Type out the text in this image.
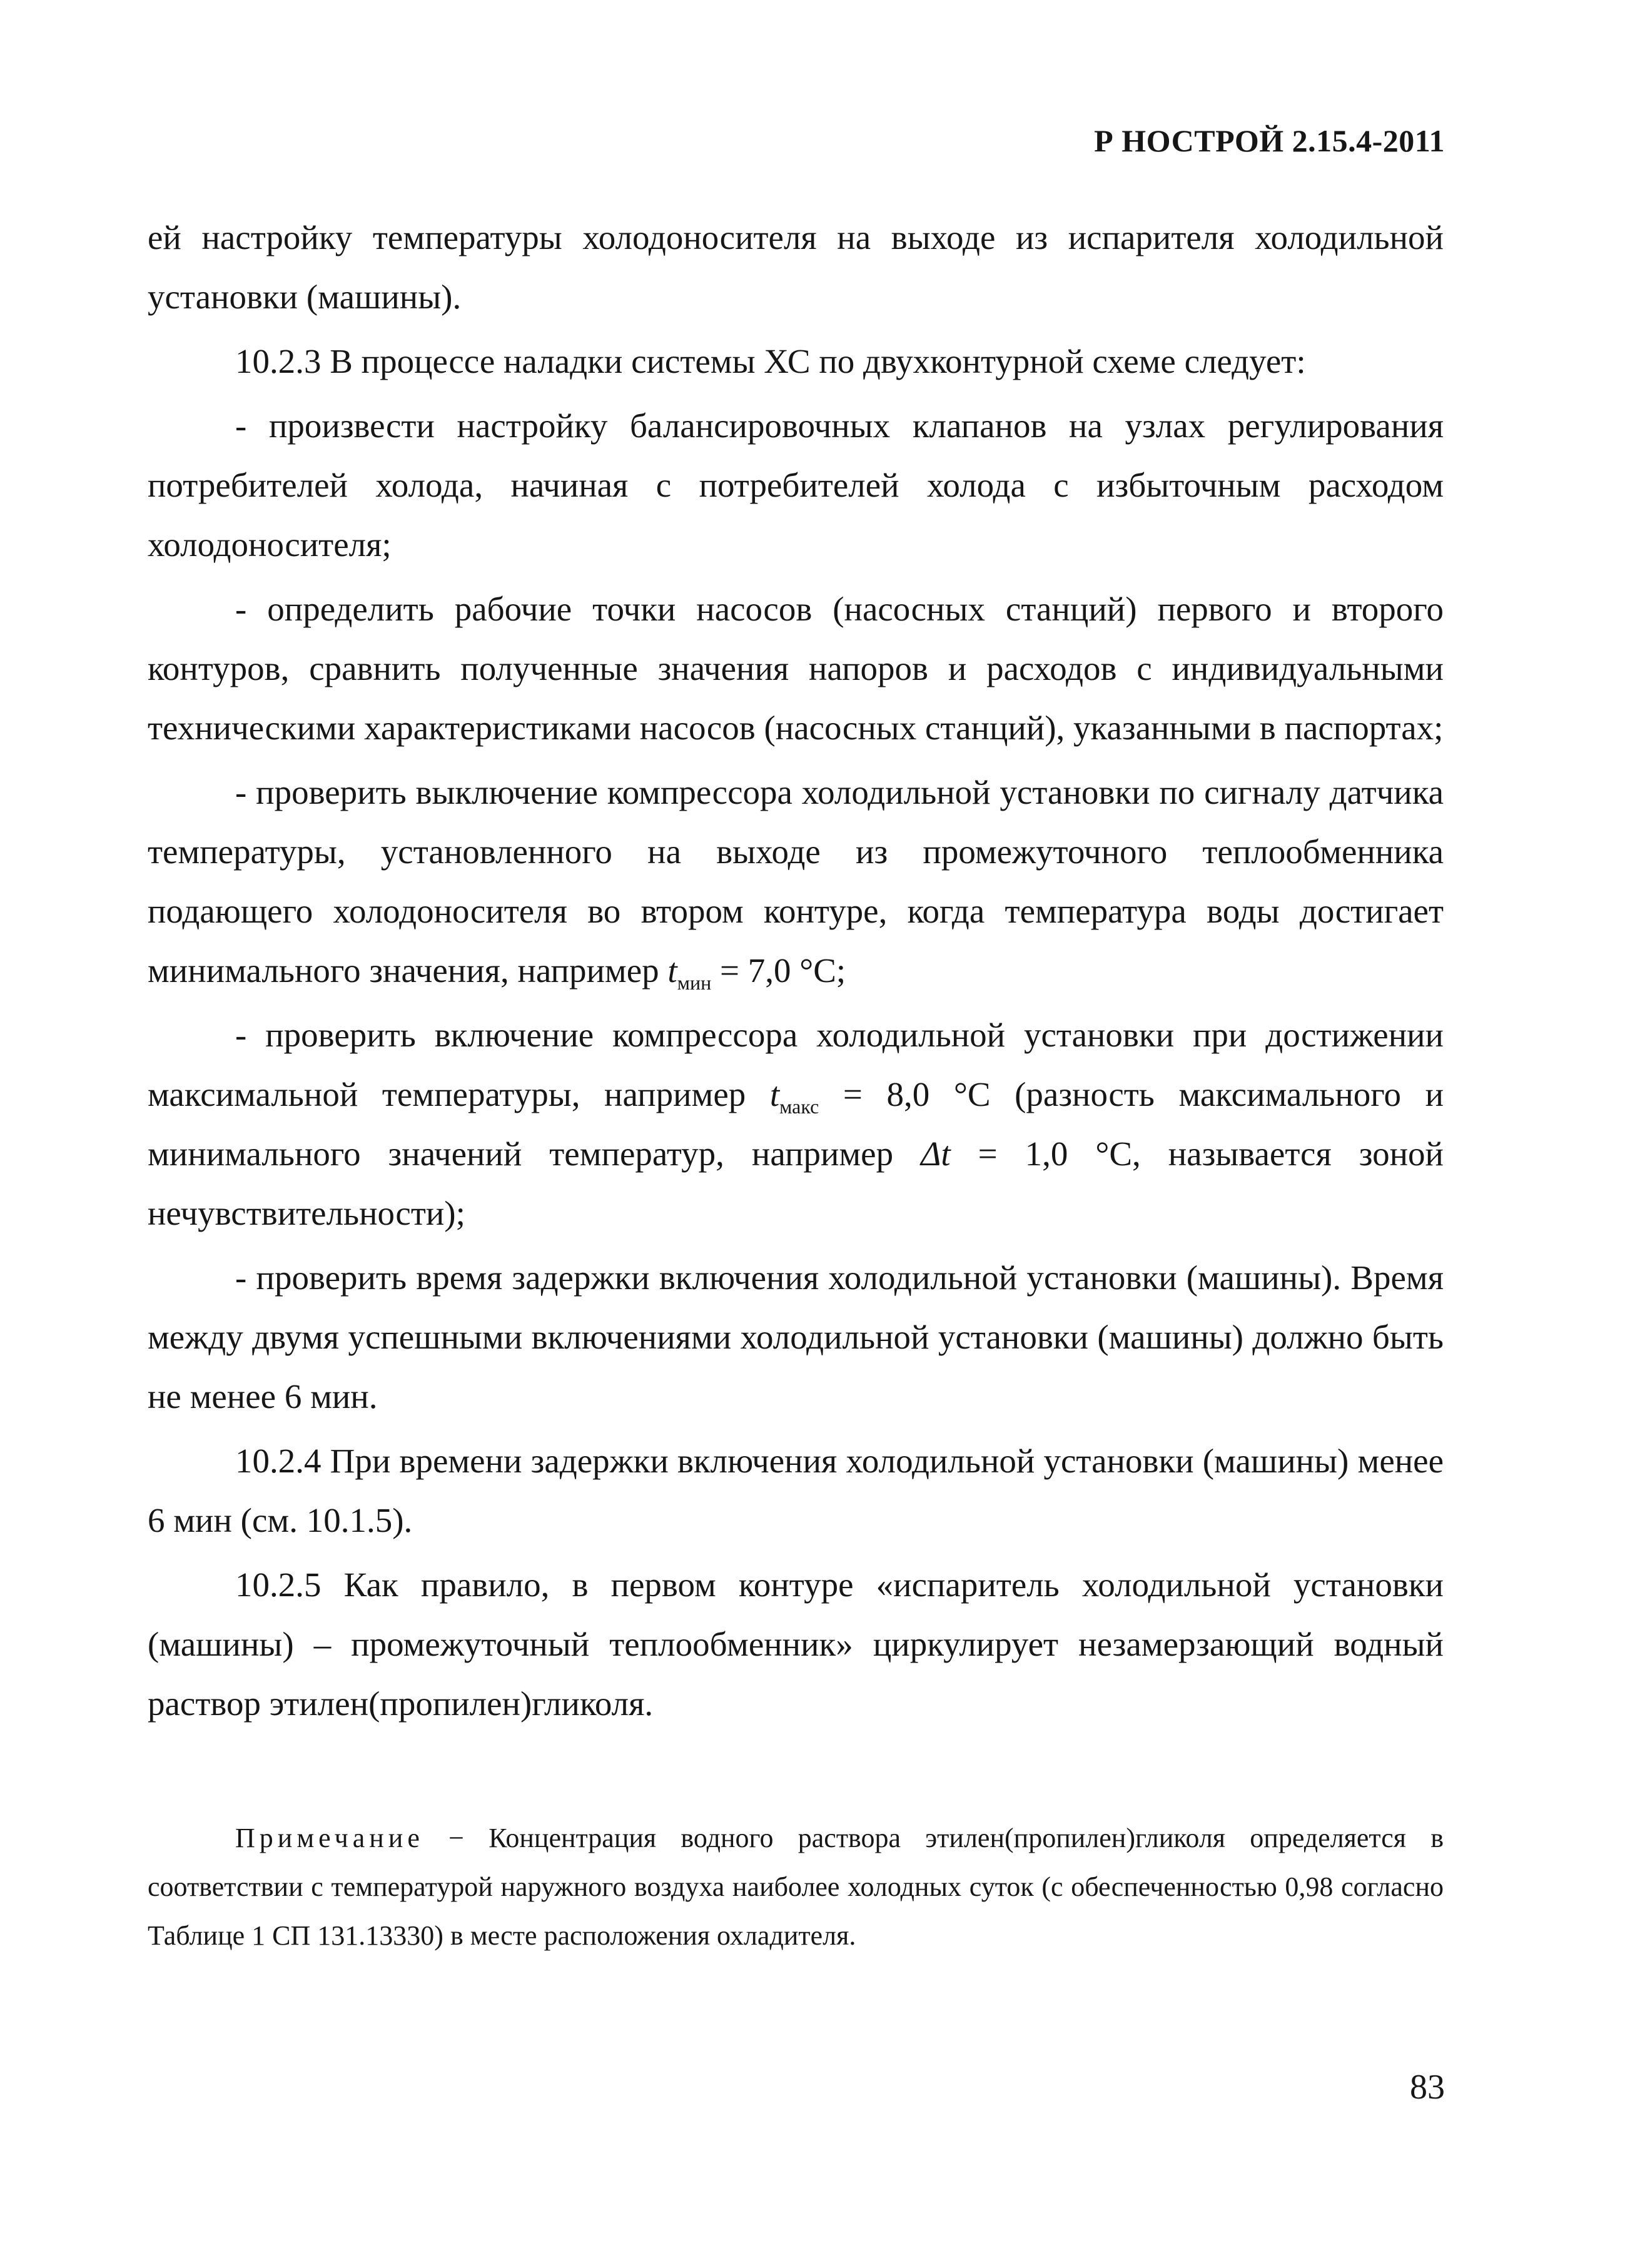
Р НОСТРОЙ 2.15.4-2011

ей настройку температуры холодоносителя на выходе из испарителя холодильной установки (машины).

10.2.3 В процессе наладки системы ХС по двухконтурной схеме следует:

- произвести настройку балансировочных клапанов на узлах регулирования потребителей холода, начиная с потребителей холода с избыточным расходом холодоносителя;

- определить рабочие точки насосов (насосных станций) первого и второго контуров, сравнить полученные значения напоров и расходов с индивидуальными техническими характеристиками насосов (насосных станций), указанными в паспортах;

- проверить выключение компрессора холодильной установки по сигналу датчика температуры, установленного на выходе из промежуточного теплообменника подающего холодоносителя во втором контуре, когда температура воды достигает минимального значения, например $t_{мин} = 7,0$ °С;

- проверить включение компрессора холодильной установки при достижении максимальной температуры, например $t_{макс} = 8,0$ °С (разность максимального и минимального значений температур, например Δt = 1,0 °С, называется зоной нечувствительности);

- проверить время задержки включения холодильной установки (машины). Время между двумя успешными включениями холодильной установки (машины) должно быть не менее 6 мин.

10.2.4 При времени задержки включения холодильной установки (машины) менее 6 мин (см. 10.1.5).

10.2.5 Как правило, в первом контуре «испаритель холодильной установки (машины) – промежуточный теплообменник» циркулирует незамерзающий водный раствор этилен(пропилен)гликоля.

Примечание − Концентрация водного раствора этилен(пропилен)гликоля определяется в соответствии с температурой наружного воздуха наиболее холодных суток (с обеспеченностью 0,98 согласно Таблице 1 СП 131.13330) в месте расположения охладителя.

83
